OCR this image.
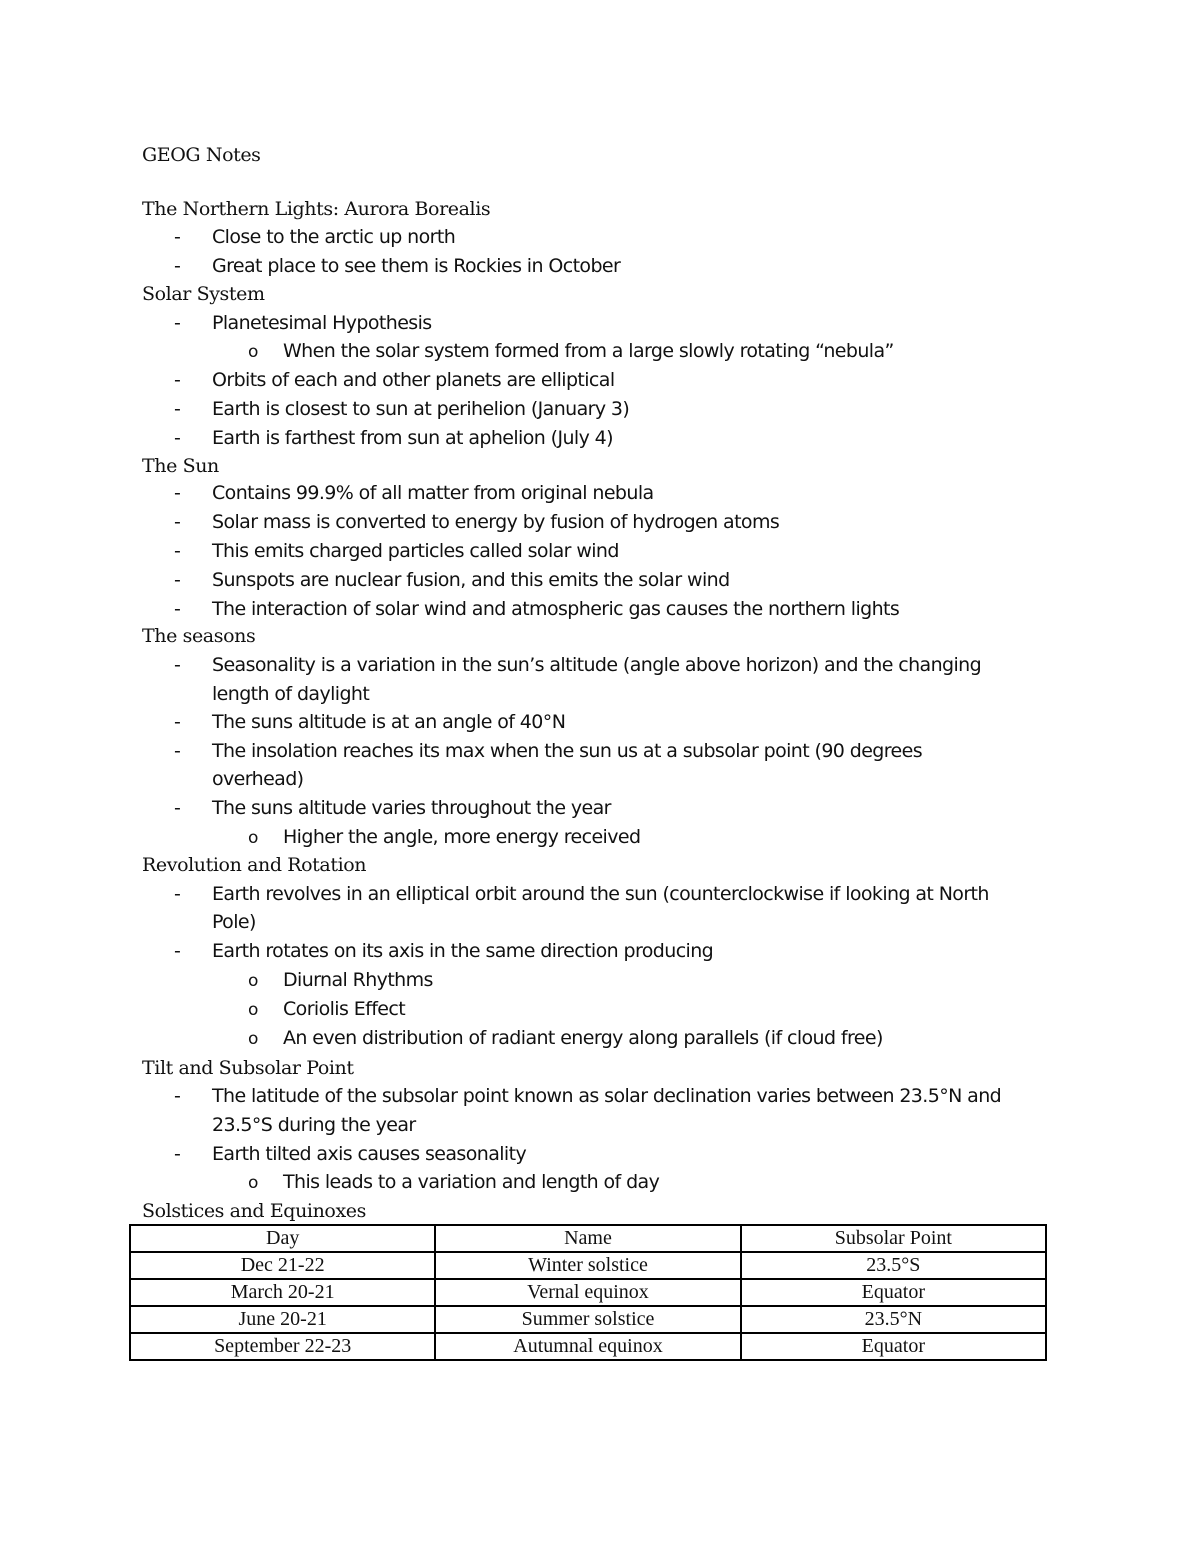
GEOG Notes
The Northern Lights: Aurora Borealis
- Close to the arctic up north
- Great place to see them is Rockies in October
Solar System
- Planetesimal Hypothesis
o When the solar system formed from a large slowly rotating “nebula”
- Orbits of each and other planets are elliptical
- Earth is closest to sun at perihelion (January 3)
- Earth is farthest from sun at aphelion (July 4)
The Sun
- Contains 99.9% of all matter from original nebula
- Solar mass is converted to energy by fusion of hydrogen atoms
- This emits charged particles called solar wind
- Sunspots are nuclear fusion, and this emits the solar wind
- The interaction of solar wind and atmospheric gas causes the northern lights
The seasons
- Seasonality is a variation in the sun’s altitude (angle above horizon) and the changing
length of daylight
- The suns altitude is at an angle of 40°N
- The insolation reaches its max when the sun us at a subsolar point (90 degrees
overhead)
- The suns altitude varies throughout the year
o Higher the angle, more energy received
Revolution and Rotation
- Earth revolves in an elliptical orbit around the sun (counterclockwise if looking at North
Pole)
- Earth rotates on its axis in the same direction producing
o Diurnal Rhythms
o Coriolis Effect
o An even distribution of radiant energy along parallels (if cloud free)
Tilt and Subsolar Point
- The latitude of the subsolar point known as solar declination varies between 23.5°N and
23.5°S during the year
- Earth tilted axis causes seasonality
o This leads to a variation and length of day
Solstices and Equinoxes
Day	Name	Subsolar Point
Dec 21-22	Winter solstice	23.5°S
March 20-21	Vernal equinox	Equator
June 20-21	Summer solstice	23.5°N
September 22-23	Autumnal equinox	Equator
